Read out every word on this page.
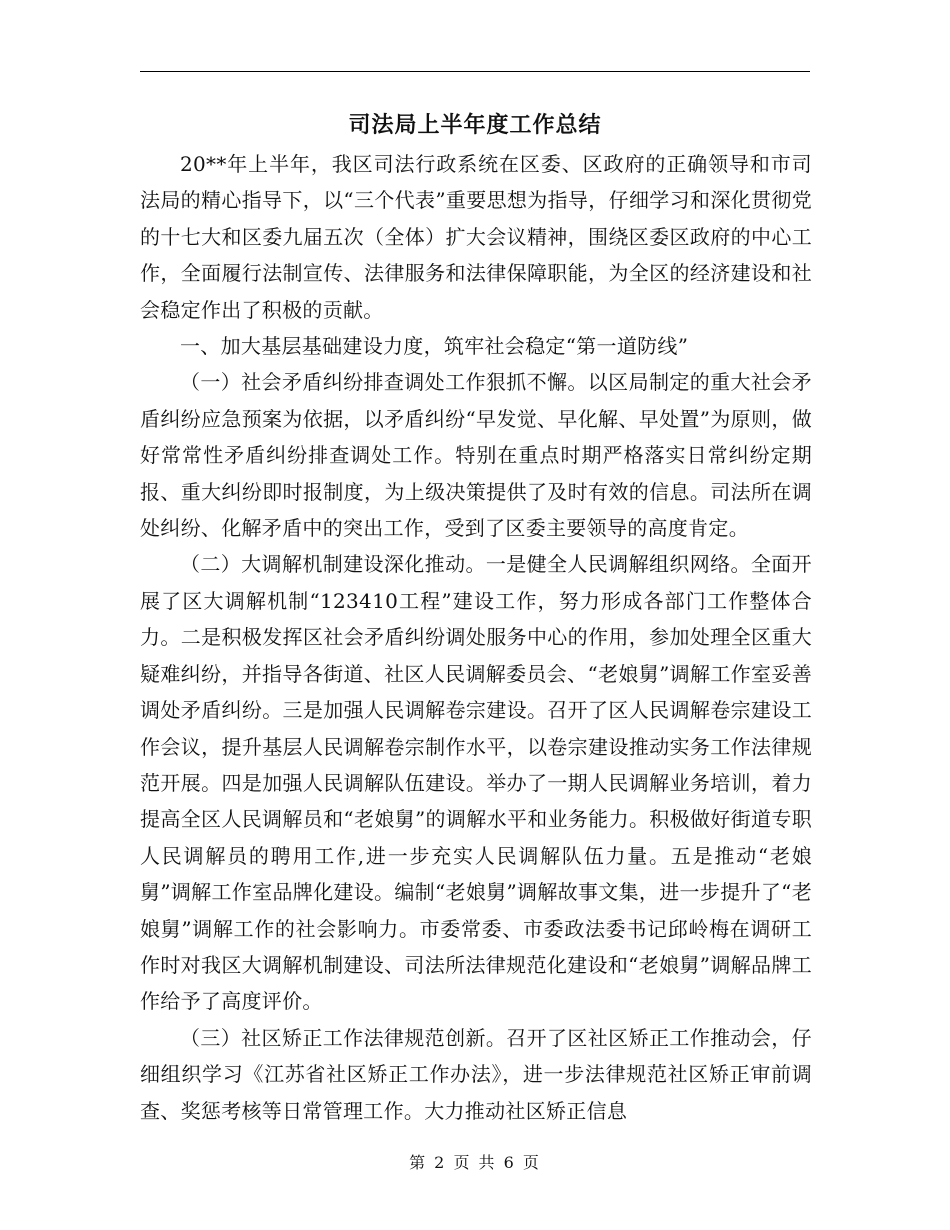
司法局上半年度工作总结

20**年上半年，我区司法行政系统在区委、区政府的正确领导和市司法局的精心指导下，以“三个代表”重要思想为指导，仔细学习和深化贯彻党的十七大和区委九届五次（全体）扩大会议精神，围绕区委区政府的中心工作，全面履行法制宣传、法律服务和法律保障职能，为全区的经济建设和社会稳定作出了积极的贡献。

一、加大基层基础建设力度，筑牢社会稳定“第一道防线”

（一）社会矛盾纠纷排查调处工作狠抓不懈。以区局制定的重大社会矛盾纠纷应急预案为依据，以矛盾纠纷“早发觉、早化解、早处置”为原则，做好常常性矛盾纠纷排查调处工作。特别在重点时期严格落实日常纠纷定期报、重大纠纷即时报制度，为上级决策提供了及时有效的信息。司法所在调处纠纷、化解矛盾中的突出工作，受到了区委主要领导的高度肯定。

（二）大调解机制建设深化推动。一是健全人民调解组织网络。全面开展了区大调解机制“123410工程”建设工作，努力形成各部门工作整体合力。二是积极发挥区社会矛盾纠纷调处服务中心的作用，参加处理全区重大疑难纠纷，并指导各街道、社区人民调解委员会、“老娘舅”调解工作室妥善调处矛盾纠纷。三是加强人民调解卷宗建设。召开了区人民调解卷宗建设工作会议，提升基层人民调解卷宗制作水平，以卷宗建设推动实务工作法律规范开展。四是加强人民调解队伍建设。举办了一期人民调解业务培训，着力提高全区人民调解员和“老娘舅”的调解水平和业务能力。积极做好街道专职人民调解员的聘用工作,进一步充实人民调解队伍力量。五是推动“老娘舅”调解工作室品牌化建设。编制“老娘舅”调解故事文集，进一步提升了“老娘舅”调解工作的社会影响力。市委常委、市委政法委书记邱岭梅在调研工作时对我区大调解机制建设、司法所法律规范化建设和“老娘舅”调解品牌工作给予了高度评价。

（三）社区矫正工作法律规范创新。召开了区社区矫正工作推动会，仔细组织学习《江苏省社区矫正工作办法》，进一步法律规范社区矫正审前调查、奖惩考核等日常管理工作。大力推动社区矫正信息

第 2 页 共 6 页
